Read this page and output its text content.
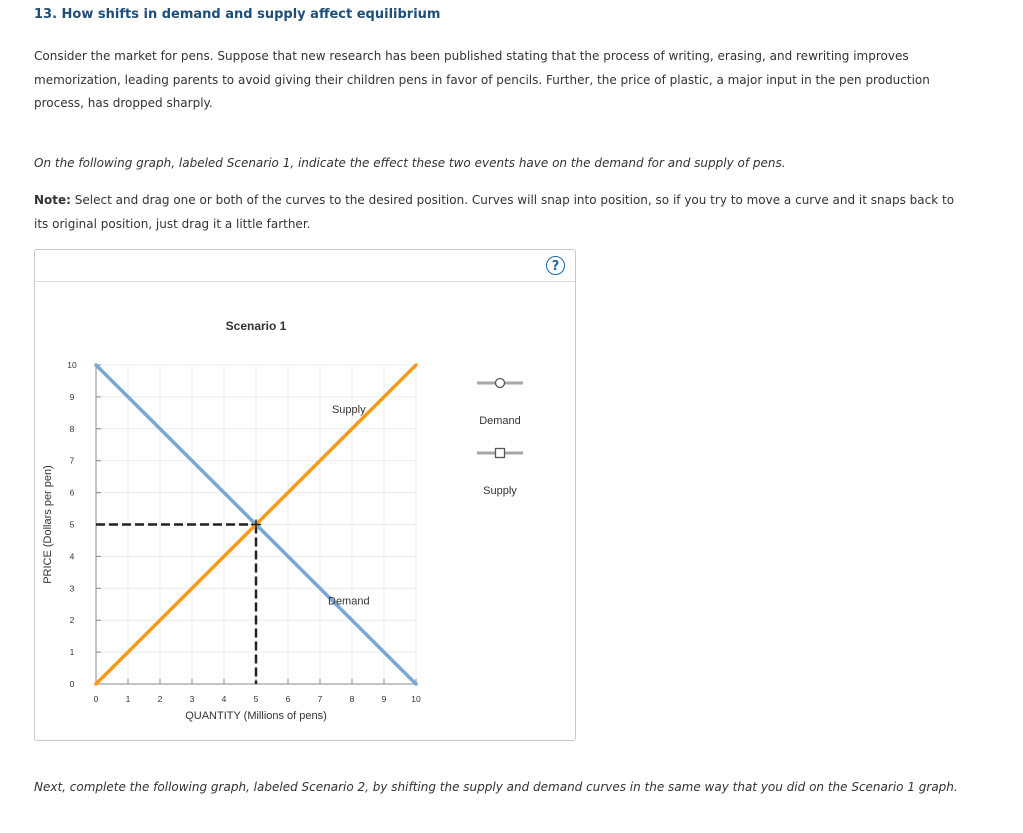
13. How shifts in demand and supply affect equilibrium

Consider the market for pens. Suppose that new research has been published stating that the process of writing, erasing, and rewriting improves memorization, leading parents to avoid giving their children pens in favor of pencils. Further, the price of plastic, a major input in the pen production process, has dropped sharply.

On the following graph, labeled Scenario 1, indicate the effect these two events have on the demand for and supply of pens.

Note: Select and drag one or both of the curves to the desired position. Curves will snap into position, so if you try to move a curve and it snaps back to its original position, just drag it a little farther.

?
0
1
2
3
4
5
6
7
8
9
10
0	1	2	3	4	5	6	7	8	9	10
QUANTITY (Millions of pens)
PRICE (Dollars per pen)
Scenario 1
Demand
Supply
Demand
Supply

Next, complete the following graph, labeled Scenario 2, by shifting the supply and demand curves in the same way that you did on the Scenario 1 graph.
